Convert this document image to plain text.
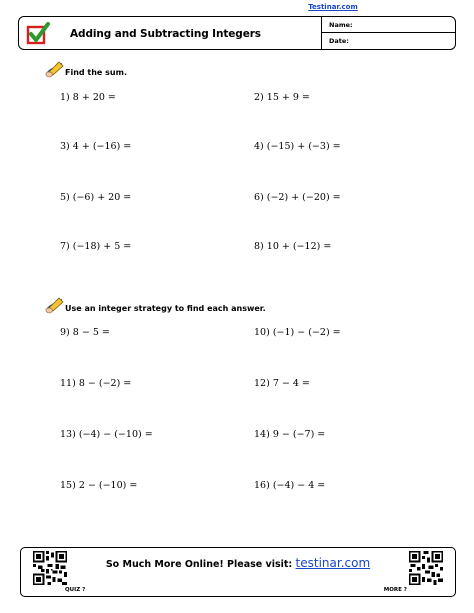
Testinar.com
Adding and Subtracting Integers
Name:
Date:
Find the sum.
1) 8 + 20 =	2) 15 + 9 =
3) 4 + (−16) =	4) (−15) + (−3) =
5) (−6) + 20 =	6) (−2) + (−20) =
7) (−18) + 5 =	8) 10 + (−12) =
Use an integer strategy to find each answer.
9) 8 − 5 =	10) (−1) − (−2) =
11) 8 − (−2) =	12) 7 − 4 =
13) (−4) − (−10) =	14) 9 − (−7) =
15) 2 − (−10) =	16) (−4) − 4 =
QUIZ ?
So Much More Online! Please visit: testinar.com
MORE ?
